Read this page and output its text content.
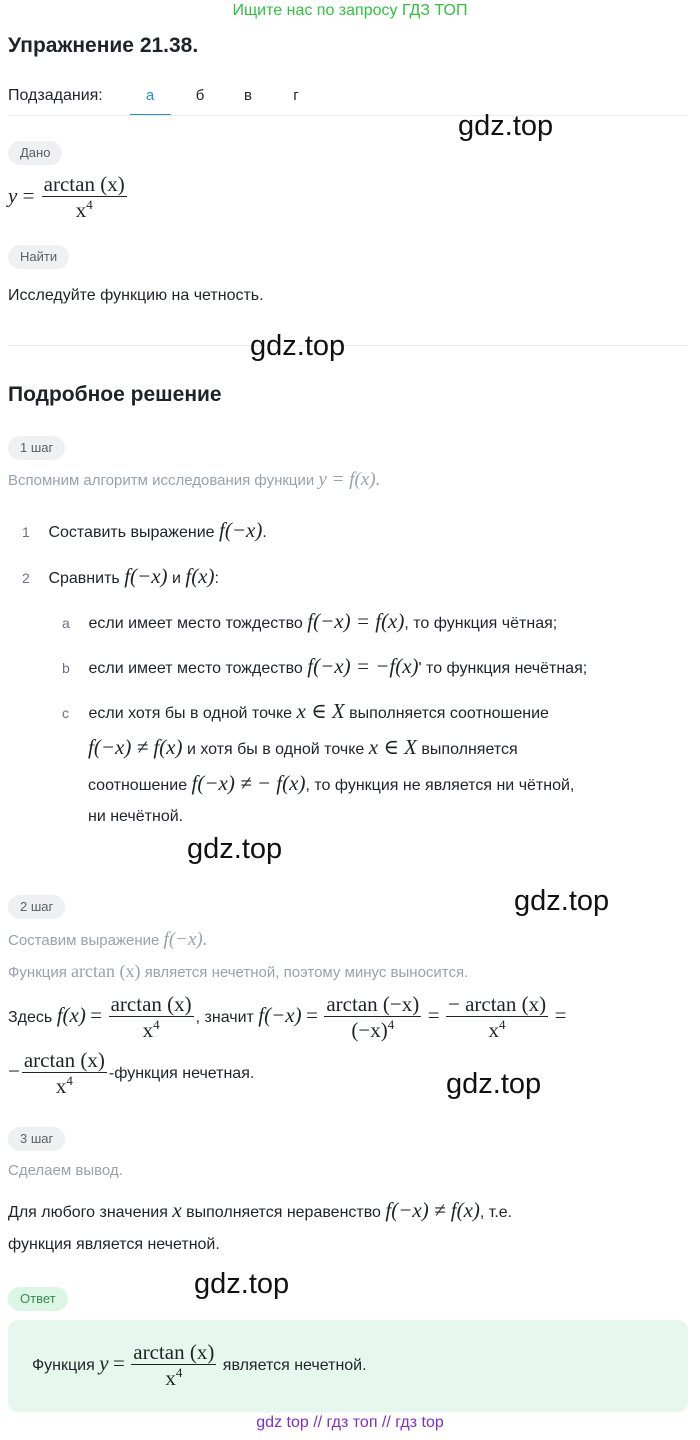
Ищите нас по запросу ГДЗ ТОП
Упражнение 21.38.
Подзадания:	а	б	в	г
gdz.top
Дано
$y = \frac{\arctan (x)}{x^4}$
Найти
Исследуйте функцию на четность.
gdz.top
Подробное решение
1 шаг
Вспомним алгоритм исследования функции y = f(x).
1 Составить выражение f(−x).
2 Сравнить f(−x) и f(x):
a если имеет место тождество f(−x) = f(x), то функция чётная;
b если имеет место тождество f(−x) = −f(x)' то функция нечётная;
c если хотя бы в одной точке x ∈ X выполняется соотношение
f(−x) ≠ f(x) и хотя бы в одной точке x ∈ X выполняется
соотношение f(−x) ≠ − f(x), то функция не является ни чётной,
ни нечётной.
gdz.top
gdz.top
2 шаг
Составим выражение f(−x).
Функция arctan (x) является нечетной, поэтому минус выносится.
Здесь $f(x) = \frac{\arctan (x)}{x^4}$ , значит $f(-x) = \frac{\arctan (-x)}{(-x)^4} = \frac{- \arctan (x)}{x^4}$ =
− $\frac{\arctan (x)}{x^4}$ -функция нечетная.	gdz.top
3 шаг
Сделаем вывод.
Для любого значения x выполняется неравенство f(−x) ≠ f(x), т.е.
функция является нечетной.
gdz.top
Ответ
Функция $y = \frac{\arctan (x)}{x^4}$ является нечетной.
gdz top // гдз топ // гдз top
